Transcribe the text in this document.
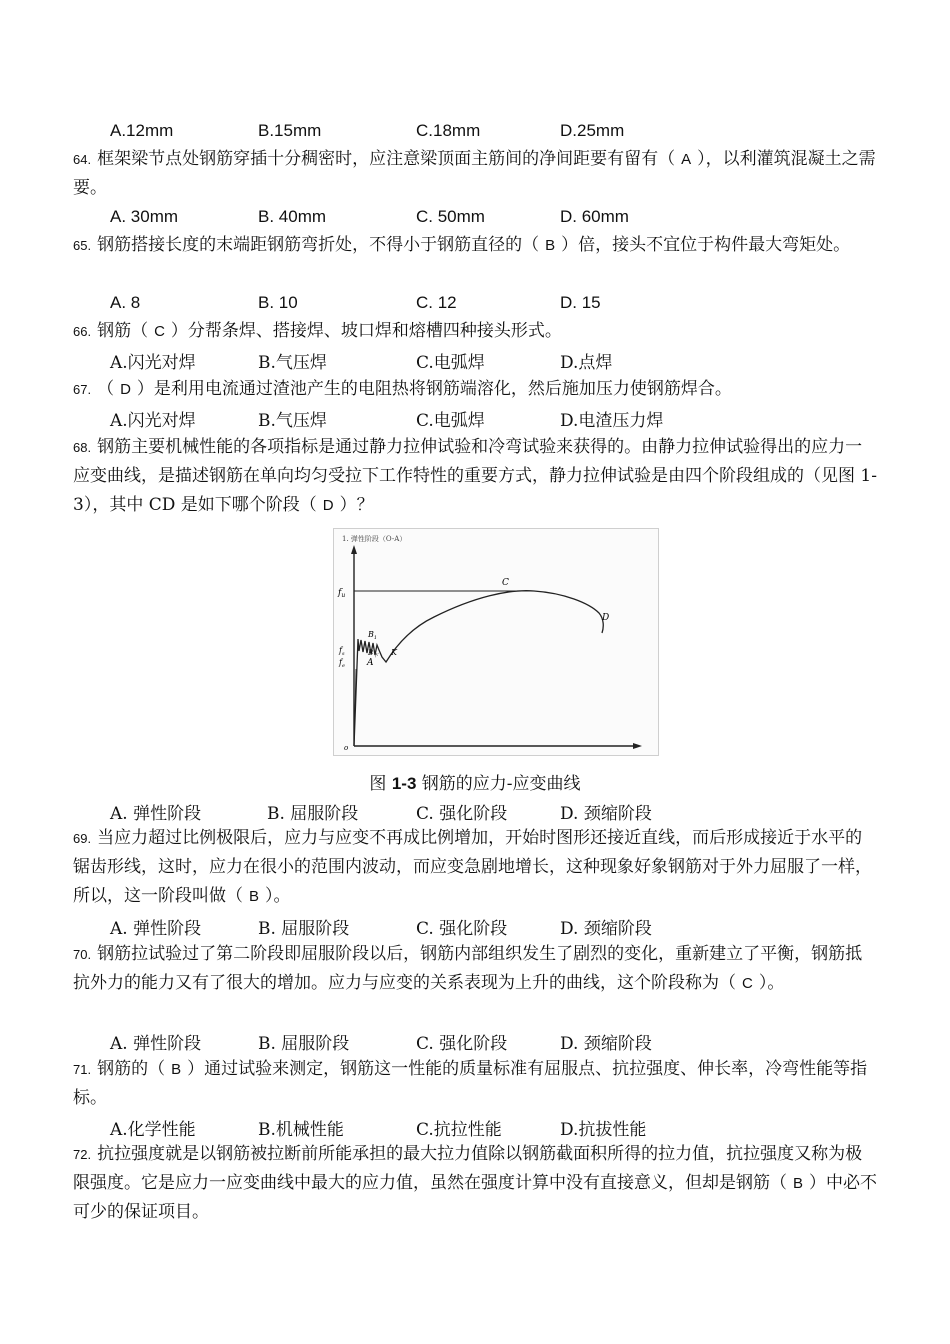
A.12mm	B.15mm	C.18mm	D.25mm
64. 框架梁节点处钢筋穿插十分稠密时，应注意梁顶面主筋间的净间距要有留有（ A ），以利灌筑混凝土之需要。
A. 30mm	B. 40mm	C. 50mm	D. 60mm
65. 钢筋搭接长度的末端距钢筋弯折处，不得小于钢筋直径的（ B ）倍，接头不宜位于构件最大弯矩处。
A. 8	B. 10	C. 12	D. 15
66. 钢筋（ C ）分帮条焊、搭接焊、坡口焊和熔槽四种接头形式。
A.闪光对焊	B.气压焊	C.电弧焊	D.点焊
67. （ D ）是利用电流通过渣池产生的电阻热将钢筋端溶化，然后施加压力使钢筋焊合。
A.闪光对焊	B.气压焊	C.电弧焊	D.电渣压力焊
68. 钢筋主要机械性能的各项指标是通过静力拉伸试验和冷弯试验来获得的。由静力拉伸试验得出的应力一应变曲线，是描述钢筋在单向均匀受拉下工作特性的重要方式，静力拉伸试验是由四个阶段组成的（见图 1-3），其中 CD 是如下哪个阶段（ D ）？
1. 弹性阶段（O-A）
$f_u$
$f_s$
$f_e$
o
A
$B_1$
$B_下$ K
C
D
图 1-3 钢筋的应力-应变曲线
A. 弹性阶段	B. 屈服阶段	C. 强化阶段	D. 颈缩阶段
69. 当应力超过比例极限后，应力与应变不再成比例增加，开始时图形还接近直线，而后形成接近于水平的锯齿形线，这时，应力在很小的范围内波动，而应变急剧地增长，这种现象好象钢筋对于外力屈服了一样，所以，这一阶段叫做（ B ）。
A. 弹性阶段	B. 屈服阶段	C. 强化阶段	D. 颈缩阶段
70. 钢筋拉试验过了第二阶段即屈服阶段以后，钢筋内部组织发生了剧烈的变化，重新建立了平衡，钢筋抵抗外力的能力又有了很大的增加。应力与应变的关系表现为上升的曲线，这个阶段称为（ C ）。
A. 弹性阶段	B. 屈服阶段	C. 强化阶段	D. 颈缩阶段
71. 钢筋的（ B ）通过试验来测定，钢筋这一性能的质量标准有屈服点、抗拉强度、伸长率，冷弯性能等指标。
A.化学性能	B.机械性能	C.抗拉性能	D.抗拔性能
72. 抗拉强度就是以钢筋被拉断前所能承担的最大拉力值除以钢筋截面积所得的拉力值，抗拉强度又称为极限强度。它是应力一应变曲线中最大的应力值，虽然在强度计算中没有直接意义，但却是钢筋（ B ）中必不可少的保证项目。
